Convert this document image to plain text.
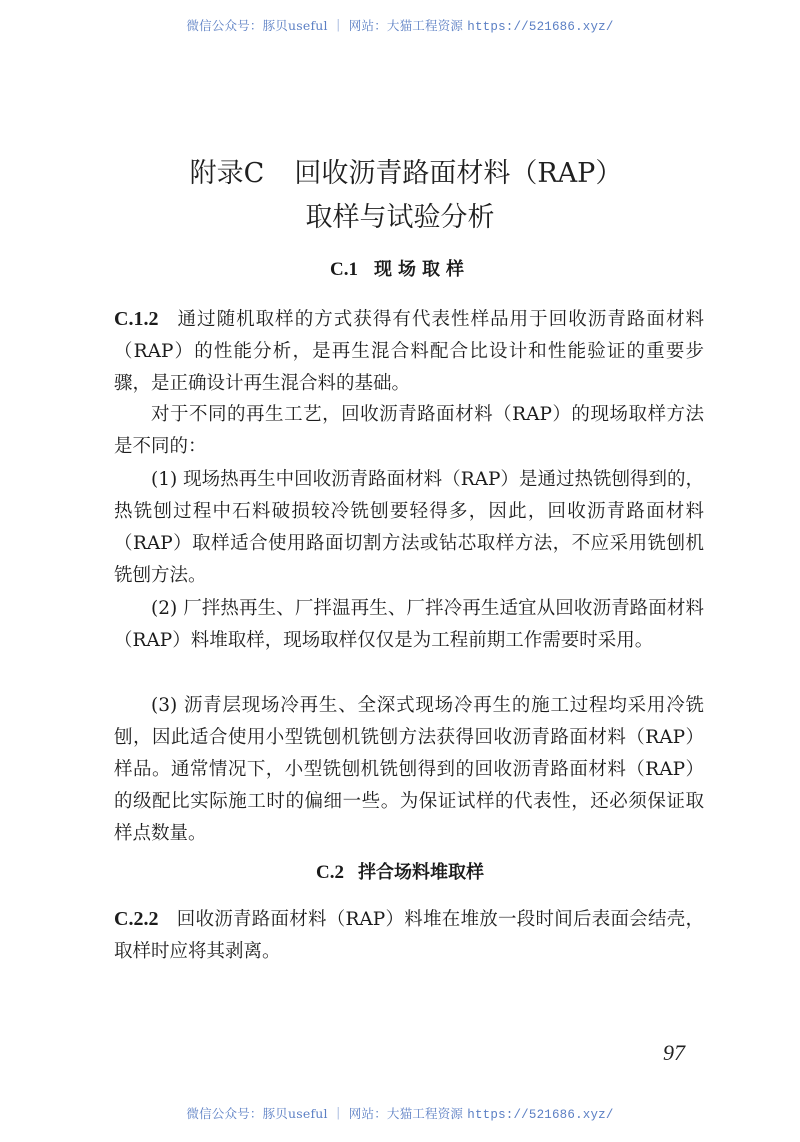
微信公众号：豚贝useful ｜ 网站：大猫工程资源 https://521686.xyz/
附录C 回收沥青路面材料（RAP）
取样与试验分析
C.1 现场取样
C.1.2 通过随机取样的方式获得有代表性样品用于回收沥青路面材料（RAP）的性能分析，是再生混合料配合比设计和性能验证的重要步骤，是正确设计再生混合料的基础。
对于不同的再生工艺，回收沥青路面材料（RAP）的现场取样方法是不同的：
(1) 现场热再生中回收沥青路面材料（RAP）是通过热铣刨得到的，热铣刨过程中石料破损较冷铣刨要轻得多，因此，回收沥青路面材料（RAP）取样适合使用路面切割方法或钻芯取样方法，不应采用铣刨机铣刨方法。
(2) 厂拌热再生、厂拌温再生、厂拌冷再生适宜从回收沥青路面材料（RAP）料堆取样，现场取样仅仅是为工程前期工作需要时采用。
(3) 沥青层现场冷再生、全深式现场冷再生的施工过程均采用冷铣刨，因此适合使用小型铣刨机铣刨方法获得回收沥青路面材料（RAP）样品。通常情况下，小型铣刨机铣刨得到的回收沥青路面材料（RAP）的级配比实际施工时的偏细一些。为保证试样的代表性，还必须保证取样点数量。
C.2 拌合场料堆取样
C.2.2 回收沥青路面材料（RAP）料堆在堆放一段时间后表面会结壳，取样时应将其剥离。
97
微信公众号：豚贝useful ｜ 网站：大猫工程资源 https://521686.xyz/
